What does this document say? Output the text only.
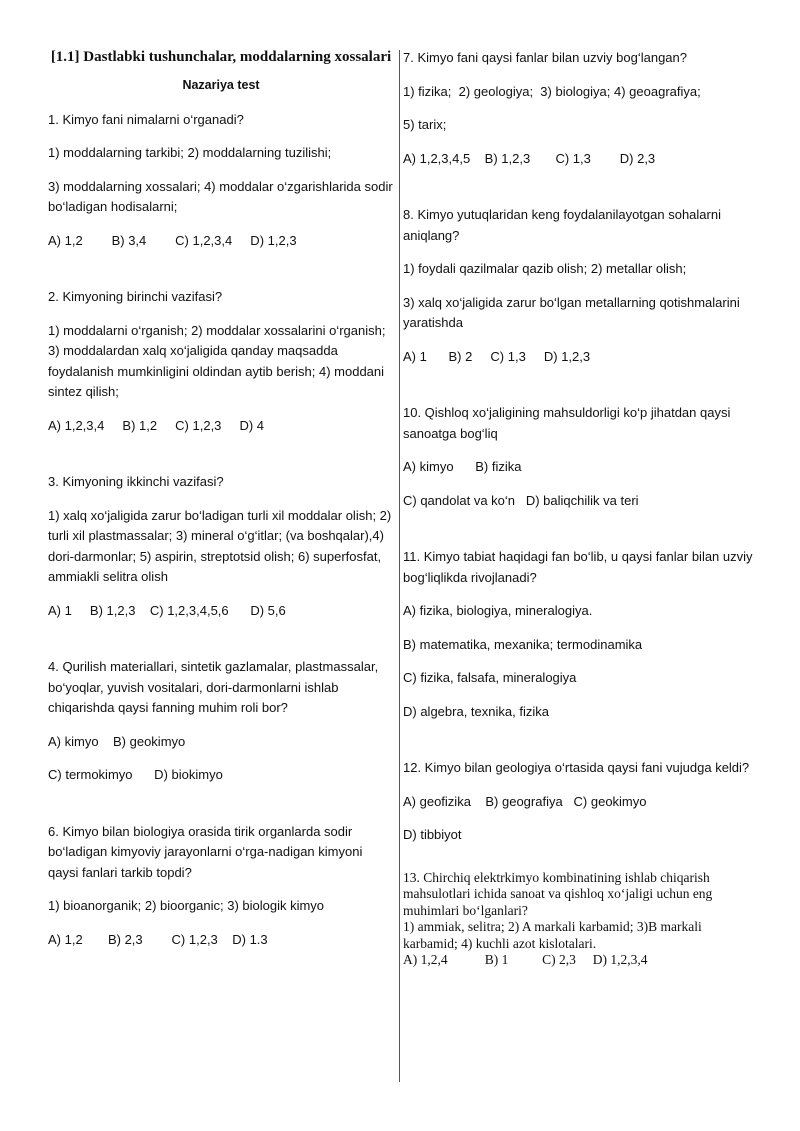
[1.1] Dastlabki tushunchalar, moddalarning xossalari

Nazariya test

1. Kimyo fani nimalarni o‘rganadi?

1) moddalarning tarkibi; 2) moddalarning tuzilishi;

3) moddalarning xossalari; 4) moddalar o‘zgarishlarida sodir bo‘ladigan hodisalarni;

A) 1,2        B) 3,4        C) 1,2,3,4     D) 1,2,3

2. Kimyoning birinchi vazifasi?

1) moddalarni o‘rganish; 2) moddalar xossalarini o‘rganish; 3) moddalardan xalq xo‘jaligida qanday maqsadda foydalanish mumkinligini oldindan aytib berish; 4) moddani sintez qilish;

A) 1,2,3,4     B) 1,2     C) 1,2,3     D) 4

3. Kimyoning ikkinchi vazifasi?

1) xalq xo‘jaligida zarur bo‘ladigan turli xil moddalar olish; 2) turli xil plastmassalar; 3) mineral o‘g‘itlar; (va boshqalar),4) dori-darmonlar; 5) aspirin, streptotsid olish; 6) superfosfat, ammiakli selitra olish

A) 1     B) 1,2,3    C) 1,2,3,4,5,6      D) 5,6

4. Qurilish materiallari, sintetik gazlamalar, plastmassalar, bo‘yoqlar, yuvish vositalari, dori-darmonlarni ishlab chiqarishda qaysi fanning muhim roli bor?

A) kimyo    B) geokimyo

C) termokimyo      D) biokimyo

6. Kimyo bilan biologiya orasida tirik organlarda sodir bo‘ladigan kimyoviy jarayonlarni o‘rga-nadigan kimyoni qaysi fanlari tarkib topdi?

1) bioanorganik; 2) bioorganic; 3) biologik kimyo

A) 1,2       B) 2,3        C) 1,2,3    D) 1.3

7. Kimyo fani qaysi fanlar bilan uzviy bog‘langan?

1) fizika;  2) geologiya;  3) biologiya; 4) geoagrafiya;

5) tarix;

A) 1,2,3,4,5    B) 1,2,3       C) 1,3        D) 2,3

8. Kimyo yutuqlaridan keng foydalanilayotgan sohalarni aniqlang?

1) foydali qazilmalar qazib olish; 2) metallar olish;

3) xalq xo‘jaligida zarur bo‘lgan metallarning qotishmalarini yaratishda

A) 1      B) 2     C) 1,3     D) 1,2,3

10. Qishloq xo‘jaligining mahsuldorligi ko‘p jihatdan qaysi sanoatga bog‘liq

A) kimyo      B) fizika

C) qandolat va ko‘n   D) baliqchilik va teri

11. Kimyo tabiat haqidagi fan bo‘lib, u qaysi fanlar bilan uzviy bog‘liqlikda rivojlanadi?

A) fizika, biologiya, mineralogiya.

B) matematika, mexanika; termodinamika

C) fizika, falsafa, mineralogiya

D) algebra, texnika, fizika

12. Kimyo bilan geologiya o‘rtasida qaysi fani vujudga keldi?

A) geofizika    B) geografiya   C) geokimyo

D) tibbiyot

13. Chirchiq elektrkimyo kombinatining ishlab chiqarish mahsulotlari ichida sanoat va qishloq xo‘jaligi uchun eng muhimlari bo‘lganlari?

1) ammiak, selitra; 2) A markali karbamid; 3)B markali karbamid; 4) kuchli azot kislotalari.

A) 1,2,4           B) 1          C) 2,3     D) 1,2,3,4
